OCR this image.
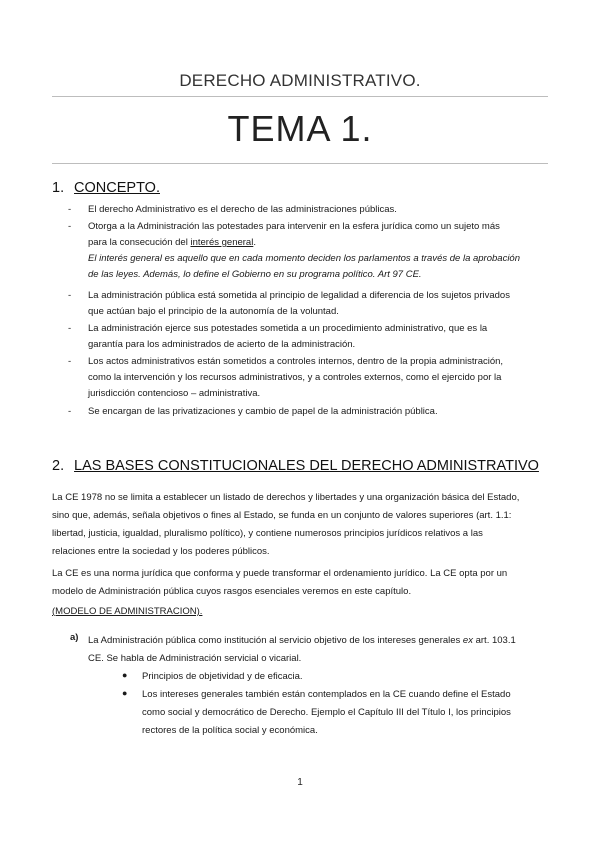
DERECHO ADMINISTRATIVO.
TEMA 1.
1. CONCEPTO.
- El derecho Administrativo es el derecho de las administraciones públicas.
- Otorga a la Administración las potestades para intervenir en la esfera jurídica como un sujeto más
para la consecución del interés general.
El interés general es aquello que en cada momento deciden los parlamentos a través de la aprobación
de las leyes. Además, lo define el Gobierno en su programa político. Art 97 CE.
- La administración pública está sometida al principio de legalidad a diferencia de los sujetos privados
que actúan bajo el principio de la autonomía de la voluntad.
- La administración ejerce sus potestades sometida a un procedimiento administrativo, que es la
garantía para los administrados de acierto de la administración.
- Los actos administrativos están sometidos a controles internos, dentro de la propia administración,
como la intervención y los recursos administrativos, y a controles externos, como el ejercido por la
jurisdicción contencioso – administrativa.
- Se encargan de las privatizaciones y cambio de papel de la administración pública.
2. LAS BASES CONSTITUCIONALES DEL DERECHO ADMINISTRATIVO
La CE 1978 no se limita a establecer un listado de derechos y libertades y una organización básica del Estado,
sino que, además, señala objetivos o fines al Estado, se funda en un conjunto de valores superiores (art. 1.1:
libertad, justicia, igualdad, pluralismo político), y contiene numerosos principios jurídicos relativos a las
relaciones entre la sociedad y los poderes públicos.
La CE es una norma jurídica que conforma y puede transformar el ordenamiento jurídico. La CE opta por un
modelo de Administración pública cuyos rasgos esenciales veremos en este capítulo.
(MODELO DE ADMINISTRACION).
a) La Administración pública como institución al servicio objetivo de los intereses generales ex art. 103.1
CE. Se habla de Administración servicial o vicarial.
● Principios de objetividad y de eficacia.
● Los intereses generales también están contemplados en la CE cuando define el Estado
como social y democrático de Derecho. Ejemplo el Capítulo III del Título I, los principios
rectores de la política social y económica.
1
